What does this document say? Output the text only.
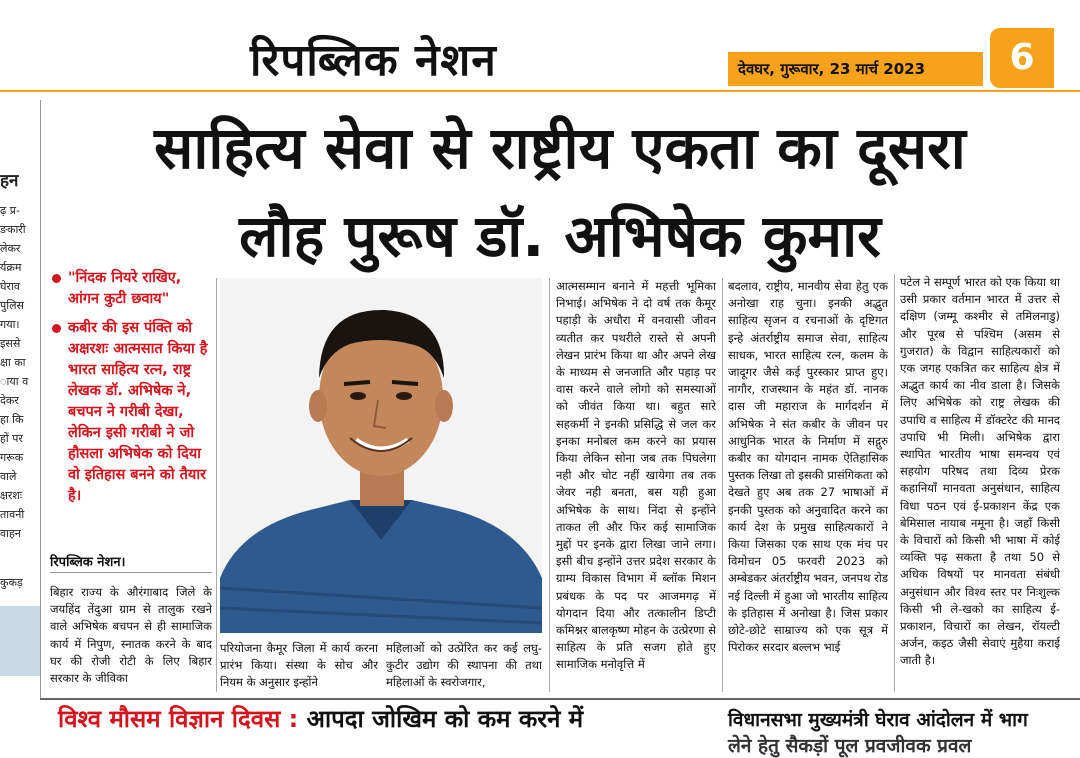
रिपब्लिक नेशन	देवघर, गुरूवार, 23 मार्च 2023	6
साहित्य सेवा से राष्ट्रीय एकता का दूसरा
लौह पुरूष डॉ. अभिषेक कुमार
हन
ढ़ प्र-
ङकारी
लेकर
र्यक्रम
घेराव
पुलिस
गया।
इससे
क्षा का
ाया व
देकर
हा कि
हों पर
गरूक
वाले
क्षरशः
तावनी
वाहन
कुकड़
"निंदक नियरे राखिए, आंगन कुटी छवाय"
कबीर की इस पंक्ति को अक्षरशः आत्मसात किया है भारत साहित्य रत्न, राष्ट्र लेखक डॉ. अभिषेक ने, बचपन ने गरीबी देखा, लेकिन इसी गरीबी ने जो हौसला अभिषेक को दिया वो इतिहास बनने को तैयार है।
रिपब्लिक नेशन।
बिहार राज्य के औरंगाबाद जिले के जयहिंद तेंदुआ ग्राम से तालुक रखने वाले अभिषेक बचपन से ही सामाजिक कार्य में निपुण, स्नातक करने के बाद घर की रोजी रोटी के लिए बिहार सरकार के जीविका
परियोजना कैमूर जिला में कार्य करना प्रारंभ किया। संस्था के सोच और नियम के अनुसार इन्होंने
महिलाओं को उत्प्रेरित कर कई लघु- कुटीर उद्योग की स्थापना की तथा महिलाओं के स्वरोजगार,
आत्मसम्मान बनाने में महत्ती भूमिका निभाई। अभिषेक ने दो वर्ष तक कैमूर पहाड़ी के अधौरा में वनवासी जीवन व्यतीत कर पथरीले रास्ते से अपनी लेखन प्रारंभ किया था और अपने लेख के माध्यम से जनजाति और पहाड़ पर वास करने वाले लोगो को समस्याओं को जीवंत किया था। बहुत सारे सहकर्मी ने इनकी प्रसिद्धि से जल कर इनका मनोबल कम करने का प्रयास किया लेकिन सोना जब तक पिघलेगा नही और चोट नहीं खायेगा तब तक जेवर नही बनता, बस यही हुआ अभिषेक के साथ। निंदा से इन्होंने ताकत ली और फिर कई सामाजिक मुद्दों पर इनके द्वारा लिखा जाने लगा। इसी बीच इन्होंने उत्तर प्रदेश सरकार के ग्राम्य विकास विभाग में ब्लॉक मिशन प्रबंधक के पद पर आजमगढ़ में योगदान दिया और तत्कालीन डिप्टी कमिश्नर बालकृष्ण मोहन के उत्प्रेरणा से साहित्य के प्रति सजग होते हुए सामाजिक मनोवृत्ति में
बदलाव, राष्ट्रीय, मानवीय सेवा हेतु एक अनोखा राह चुना। इनकी अद्भुत साहित्य सृजन व रचनाओं के दृष्टिगत इन्हे अंतर्राष्ट्रीय समाज सेवा, साहित्य साधक, भारत साहित्य रत्न, कलम के जादूगर जैसे कई पुरस्कार प्राप्त हुए। नागौर, राजस्थान के महंत डॉ. नानक दास जी महाराज के मार्गदर्शन में अभिषेक ने संत कबीर के जीवन पर आधुनिक भारत के निर्माण में सद्गुरु कबीर का योगदान नामक ऐतिहासिक पुस्तक लिखा तो इसकी प्रासंगिकता को देखते हुए अब तक 27 भाषाओं में इनकी पुस्तक को अनुवादित करने का कार्य देश के प्रमुख साहित्यकारों ने किया जिसका एक साथ एक मंच पर विमोचन 05 फरवरी 2023 को अम्बेडकर अंतर्राष्ट्रीय भवन, जनपथ रोड नई दिल्ली में हुआ जो भारतीय साहित्य के इतिहास में अनोखा है। जिस प्रकार छोटे-छोटे साम्राज्य को एक सूत्र में पिरोकर सरदार बल्लभ भाई
पटेल ने सम्पूर्ण भारत को एक किया था उसी प्रकार वर्तमान भारत में उत्तर से दक्षिण (जम्मू कश्मीर से तमिलनाडु) और पूरब से पश्चिम (असम से गुजरात) के विद्वान साहित्यकारों को एक जगह एकत्रित कर साहित्य क्षेत्र में अद्भुत कार्य का नीव डाला है। जिसके लिए अभिषेक को राष्ट्र लेखक की उपाधि व साहित्य में डॉक्टरेट की मानद उपाधि भी मिली। अभिषेक द्वारा स्थापित भारतीय भाषा समन्वय एवं सहयोग परिषद तथा दिव्य प्रेरक कहानियाँ मानवता अनुसंधान, साहित्य विधा पठन एवं ई-प्रकाशन केंद्र एक बेमिसाल नायाब नमूना है। जहाँ किसी के विचारों को किसी भी भाषा में कोई व्यक्ति पढ़ सकता है तथा 50 से अधिक विषयों पर मानवता संबंधी अनुसंधान और विश्व स्तर पर निःशुल्क किसी भी ले-खको का साहित्य ई-प्रकाशन, विचारों का लेखन, रॉयल्टी अर्जन, कइठ जैसी सेवाएं मुहैया कराई जाती है।
विश्व मौसम विज्ञान दिवस : आपदा जोखिम को कम करने में	विधानसभा मुख्यमंत्री घेराव आंदोलन में भाग
लेने हेतु सैकड़ों पूल प्रवजीवक प्रवल
